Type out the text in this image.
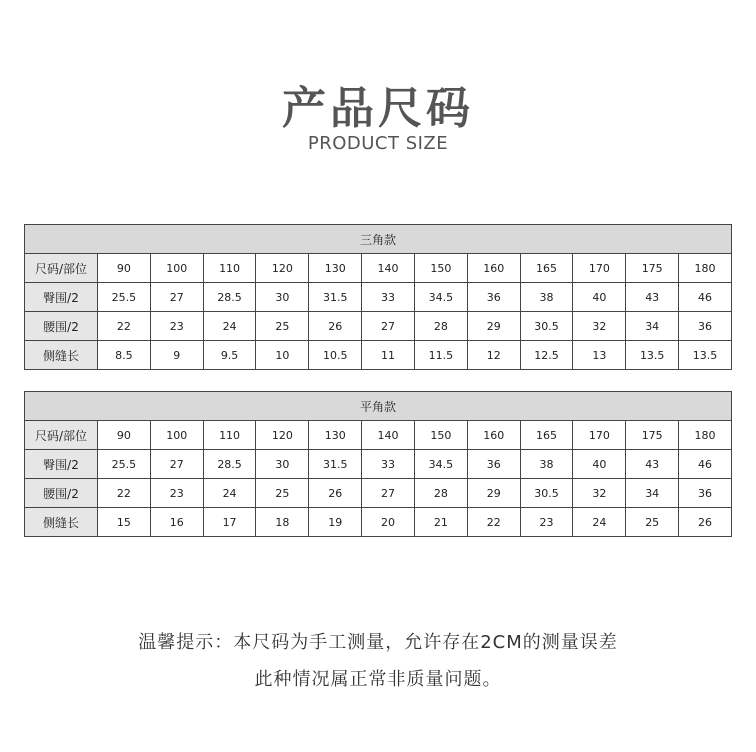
产品尺码
PRODUCT SIZE
三角款												
尺码/部位	90	100	110	120	130	140	150	160	165	170	175	180
臀围/2	25.5	27	28.5	30	31.5	33	34.5	36	38	40	43	46
腰围/2	22	23	24	25	26	27	28	29	30.5	32	34	36
侧缝长	8.5	9	9.5	10	10.5	11	11.5	12	12.5	13	13.5	13.5
平角款												
尺码/部位	90	100	110	120	130	140	150	160	165	170	175	180
臀围/2	25.5	27	28.5	30	31.5	33	34.5	36	38	40	43	46
腰围/2	22	23	24	25	26	27	28	29	30.5	32	34	36
侧缝长	15	16	17	18	19	20	21	22	23	24	25	26
温馨提示：本尺码为手工测量，允许存在2CM的测量误差
此种情况属正常非质量问题。
